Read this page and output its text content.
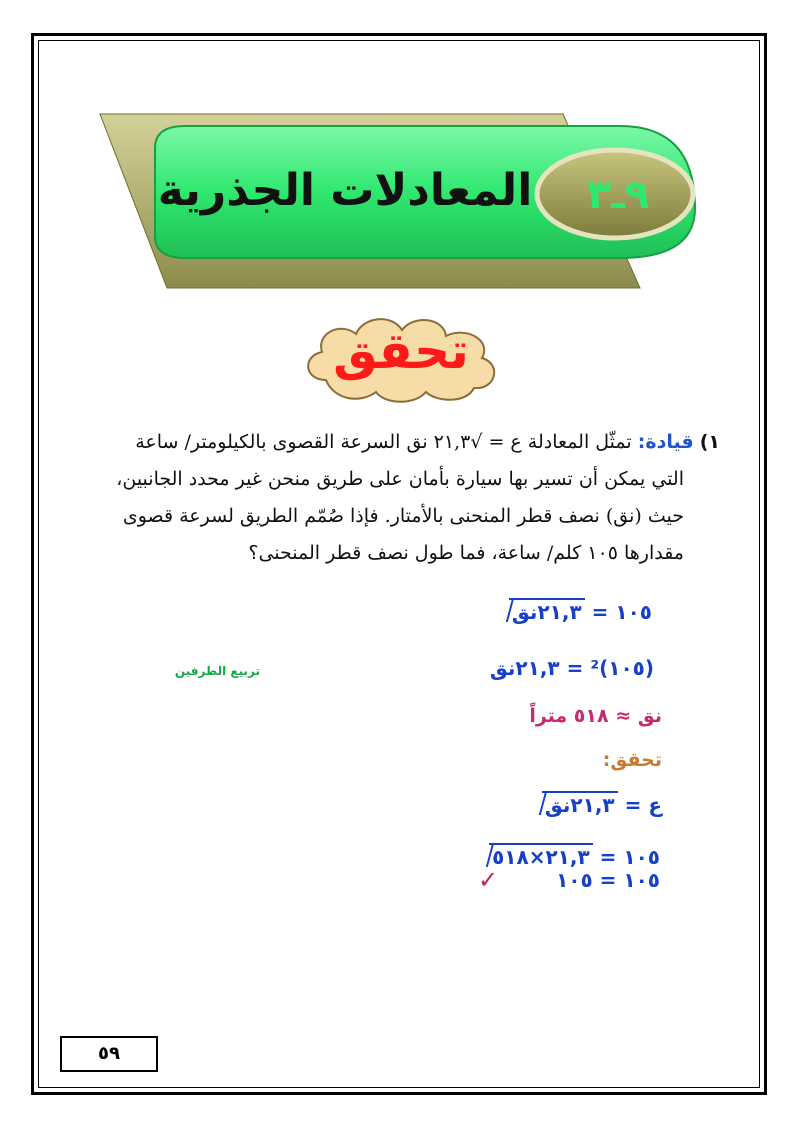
المعادلات الجذرية	٩ـ٣
تحقق
١) قيادة: تمثّل المعادلة ع = √٢١,٣ نق السرعة القصوى بالكيلومتر/ ساعة
التي يمكن أن تسير بها سيارة بأمان على طريق منحن غير محدد الجانبين،
حيث (نق) نصف قطر المنحنى بالأمتار. فإذا صُمّم الطريق لسرعة قصوى
مقدارها ١٠٥ كلم/ ساعة، فما طول نصف قطر المنحنى؟
١٠٥ = ٢١,٣نق
(١٠٥)² = ٢١,٣نق
تربيع الطرفين
نق ≈ ٥١٨ متراً
تحقق:
ع = ٢١,٣نق
١٠٥ = ٢١,٣×٥١٨
١٠٥ = ١٠٥
✓
٥٩
